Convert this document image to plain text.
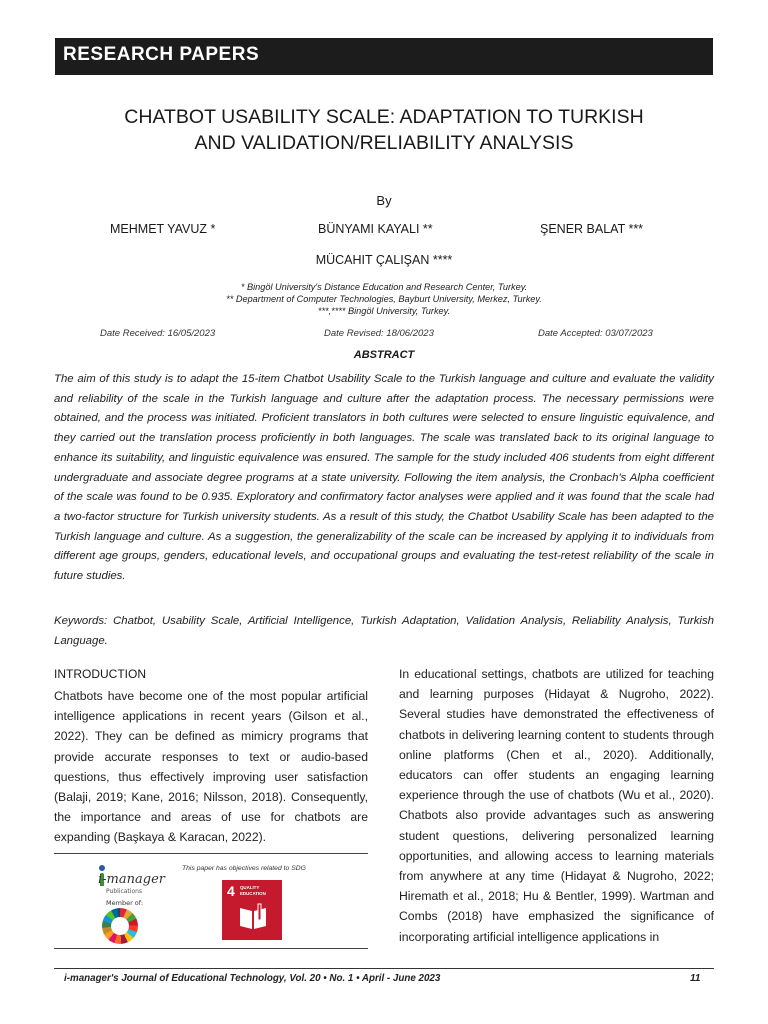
RESEARCH PAPERS
CHATBOT USABILITY SCALE: ADAPTATION TO TURKISH
AND VALIDATION/RELIABILITY ANALYSIS
By
MEHMET YAVUZ *	BÜNYAMI KAYALI **	ŞENER BALAT ***
MÜCAHIT ÇALIŞAN ****
* Bingöl University's Distance Education and Research Center, Turkey.
** Department of Computer Technologies, Bayburt University, Merkez, Turkey.
***,**** Bingöl University, Turkey.
Date Received: 16/05/2023	Date Revised: 18/06/2023	Date Accepted: 03/07/2023
ABSTRACT
The aim of this study is to adapt the 15-item Chatbot Usability Scale to the Turkish language and culture and evaluate the validity and reliability of the scale in the Turkish language and culture after the adaptation process. The necessary permissions were obtained, and the process was initiated. Proficient translators in both cultures were selected to ensure linguistic equivalence, and they carried out the translation process proficiently in both languages. The scale was translated back to its original language to enhance its suitability, and linguistic equivalence was ensured. The sample for the study included 406 students from eight different undergraduate and associate degree programs at a state university. Following the item analysis, the Cronbach's Alpha coefficient of the scale was found to be 0.935. Exploratory and confirmatory factor analyses were applied and it was found that the scale had a two-factor structure for Turkish university students. As a result of this study, the Chatbot Usability Scale has been adapted to the Turkish language and culture. As a suggestion, the generalizability of the scale can be increased by applying it to individuals from different age groups, genders, educational levels, and occupational groups and evaluating the test-retest reliability of the scale in future studies.
Keywords: Chatbot, Usability Scale, Artificial Intelligence, Turkish Adaptation, Validation Analysis, Reliability Analysis, Turkish Language.
INTRODUCTION
Chatbots have become one of the most popular artificial intelligence applications in recent years (Gilson et al., 2022). They can be defined as mimicry programs that provide accurate responses to text or audio-based questions, thus effectively improving user satisfaction (Balaji, 2019; Kane, 2016; Nilsson, 2018). Consequently, the importance and areas of use for chatbots are expanding (Başkaya & Karacan, 2022).
In educational settings, chatbots are utilized for teaching and learning purposes (Hidayat & Nugroho, 2022). Several studies have demonstrated the effectiveness of chatbots in delivering learning content to students through online platforms (Chen et al., 2020). Additionally, educators can offer students an engaging learning experience through the use of chatbots (Wu et al., 2020). Chatbots also provide advantages such as answering student questions, delivering personalized learning opportunities, and allowing access to learning materials from anywhere at any time (Hidayat & Nugroho, 2022; Hiremath et al., 2018; Hu & Bentler, 1999). Wartman and Combs (2018) have emphasized the significance of incorporating artificial intelligence applications in
i-manager
Publications
Member of:
This paper has objectives related to SDG
4 QUALITY EDUCATION
i-manager's Journal of Educational Technology, Vol. 20 • No. 1 • April - June 2023	11
